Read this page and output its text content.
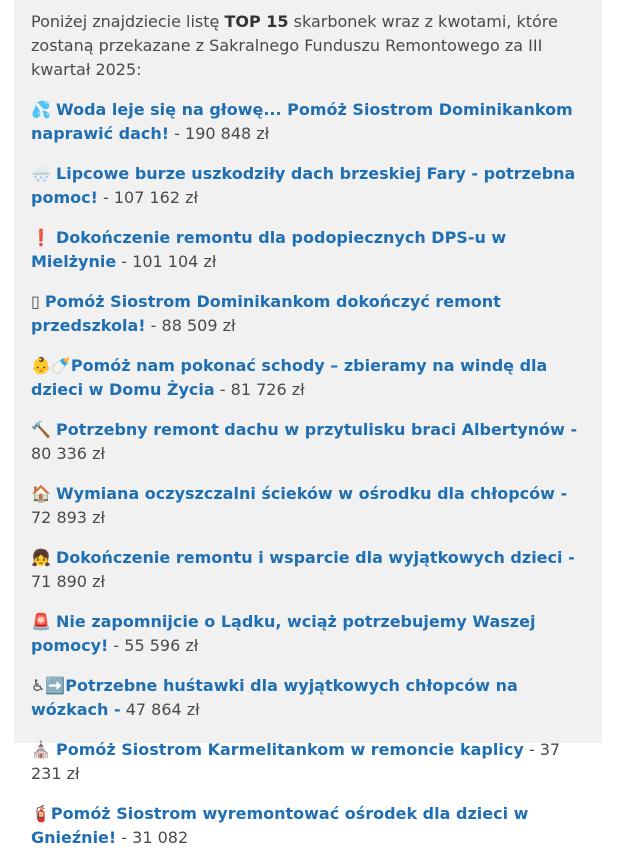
Poniżej znajdziecie listę TOP 15 skarbonek wraz z kwotami, które zostaną przekazane z Sakralnego Funduszu Remontowego za III kwartał 2025:

💦 Woda leje się na głowę... Pomóż Siostrom Dominikankom naprawić dach! - 190 848 zł

🌨️ Lipcowe burze uszkodziły dach brzeskiej Fary - potrzebna pomoc! - 107 162 zł

❗ Dokończenie remontu dla podopiecznych DPS-u w Mielżynie - 101 104 zł

▯ Pomóż Siostrom Dominikankom dokończyć remont przedszkola! - 88 509 zł

👶🍼Pomóż nam pokonać schody – zbieramy na windę dla dzieci w Domu Życia - 81 726 zł

🔨 Potrzebny remont dachu w przytulisku braci Albertynów - 80 336 zł

🏠 Wymiana oczyszczalni ścieków w ośrodku dla chłopców - 72 893 zł

👧 Dokończenie remontu i wsparcie dla wyjątkowych dzieci - 71 890 zł

🚨 Nie zapomnijcie o Lądku, wciąż potrzebujemy Waszej pomocy! - 55 596 zł

♿➡️Potrzebne huśtawki dla wyjątkowych chłopców na wózkach - 47 864 zł

⛪ Pomóż Siostrom Karmelitankom w remoncie kaplicy - 37 231 zł

🧯Pomóż Siostrom wyremontować ośrodek dla dzieci w Gnieźnie! - 31 082
